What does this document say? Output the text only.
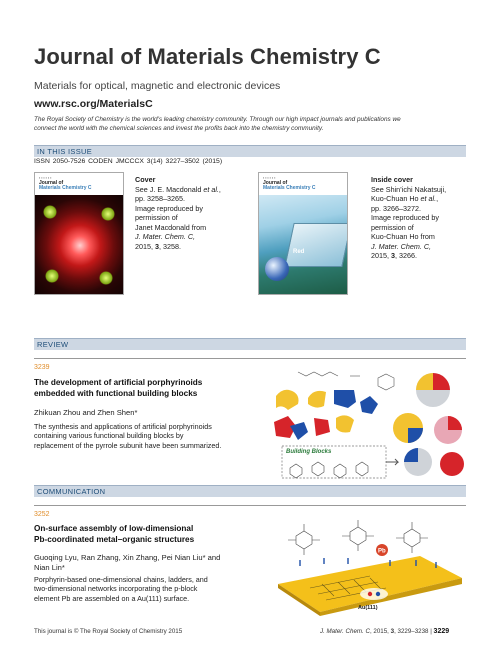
Journal of Materials Chemistry C
Materials for optical, magnetic and electronic devices
www.rsc.org/MaterialsC
The Royal Society of Chemistry is the world’s leading chemistry community. Through our high impact journals and publications we
connect the world with the chemical sciences and invest the profits back into the chemistry community.
IN THIS ISSUE
ISSN 2050-7526 CODEN JMCCCX 3(14) 3227–3502 (2015)
▪ ▪ ▪ ▪ ▪ ▪
Journal of
Materials Chemistry C
Cover
See J. E. Macdonald et al.,
pp. 3258–3265.
Image reproduced by
permission of
Janet Macdonald from
J. Mater. Chem. C,
2015, 3, 3258.
▪ ▪ ▪ ▪ ▪ ▪
Journal of
Materials Chemistry C
Red
Inside cover
See Shin’ichi Nakatsuji,
Kuo-Chuan Ho et al.,
pp. 3266–3272.
Image reproduced by
permission of
Kuo-Chuan Ho from
J. Mater. Chem. C,
2015, 3, 3266.
REVIEW
3239
The development of artificial porphyrinoids
embedded with functional building blocks
Zhikuan Zhou and Zhen Shen*
The synthesis and applications of artificial porphyrinoids
containing various functional building blocks by
replacement of the pyrrole subunit have been summarized.
Building Blocks
COMMUNICATION
3252
On-surface assembly of low-dimensional
Pb-coordinated metal–organic structures
Guoqing Lyu, Ran Zhang, Xin Zhang, Pei Nian Liu* and
Nian Lin*
Porphyrin-based one-dimensional chains, ladders, and
two-dimensional networks incorporating the p-block
element Pb are assembled on a Au(111) surface.
Au(111)
Pb
This journal is © The Royal Society of Chemistry 2015	J. Mater. Chem. C, 2015, 3, 3229–3238 | 3229
